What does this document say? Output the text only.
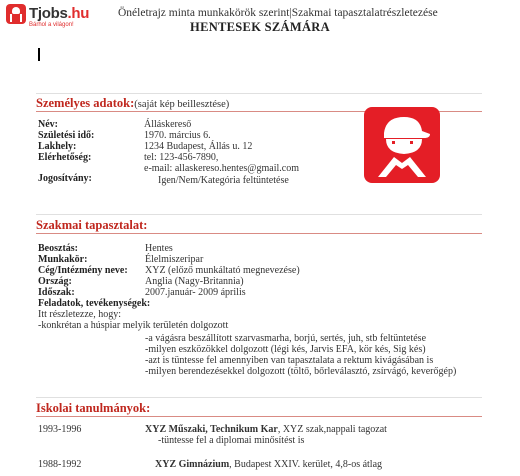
Tjobs.hu
Bárhol a világon!
Önéletrajz minta munkakörök szerint|Szakmai tapasztalatrészletezése
HENTESEK SZÁMÁRA
Személyes adatok:(saját kép beillesztése)
Név:	Álláskereső
Születési idő:	1970. március 6.
Lakhely:	1234 Budapest, Állás u. 12
Elérhetőség:	tel: 123-456-7890,
e-mail: allaskereso.hentes@gmail.com
Jogosítvány:	Igen/Nem/Kategória feltüntetése
Szakmai tapasztalat:
Beosztás:	Hentes
Munkakör:	Élelmiszeripar
Cég/Intézmény neve: XYZ (előző munkáltató megnevezése)
Ország:	Anglia (Nagy-Britannia)
Időszak:	2007.január- 2009 április
Feladatok, tevékenységek:
Itt részletezze, hogy:
-konkrétan a húspiar melyik területén dolgozott
-a vágásra beszállított szarvasmarha, borjú, sertés, juh, stb feltüntetése
-milyen eszközökkel dolgozott (légi kés, Jarvis EFA, kör kés, Sig kés)
-azt is tüntesse fel amennyiben van tapasztalata a rektum kivágásában is
-milyen berendezésekkel dolgozott (töltő, bőrleválasztó, zsírvágó, keverőgép)
Iskolai tanulmányok:
1993-1996	XYZ Műszaki, Technikum Kar, XYZ szak,nappali tagozat
-tüntesse fel a diplomai minősítést is
1988-1992	XYZ Gimnázium, Budapest XXIV. kerület, 4,8-os átlag
